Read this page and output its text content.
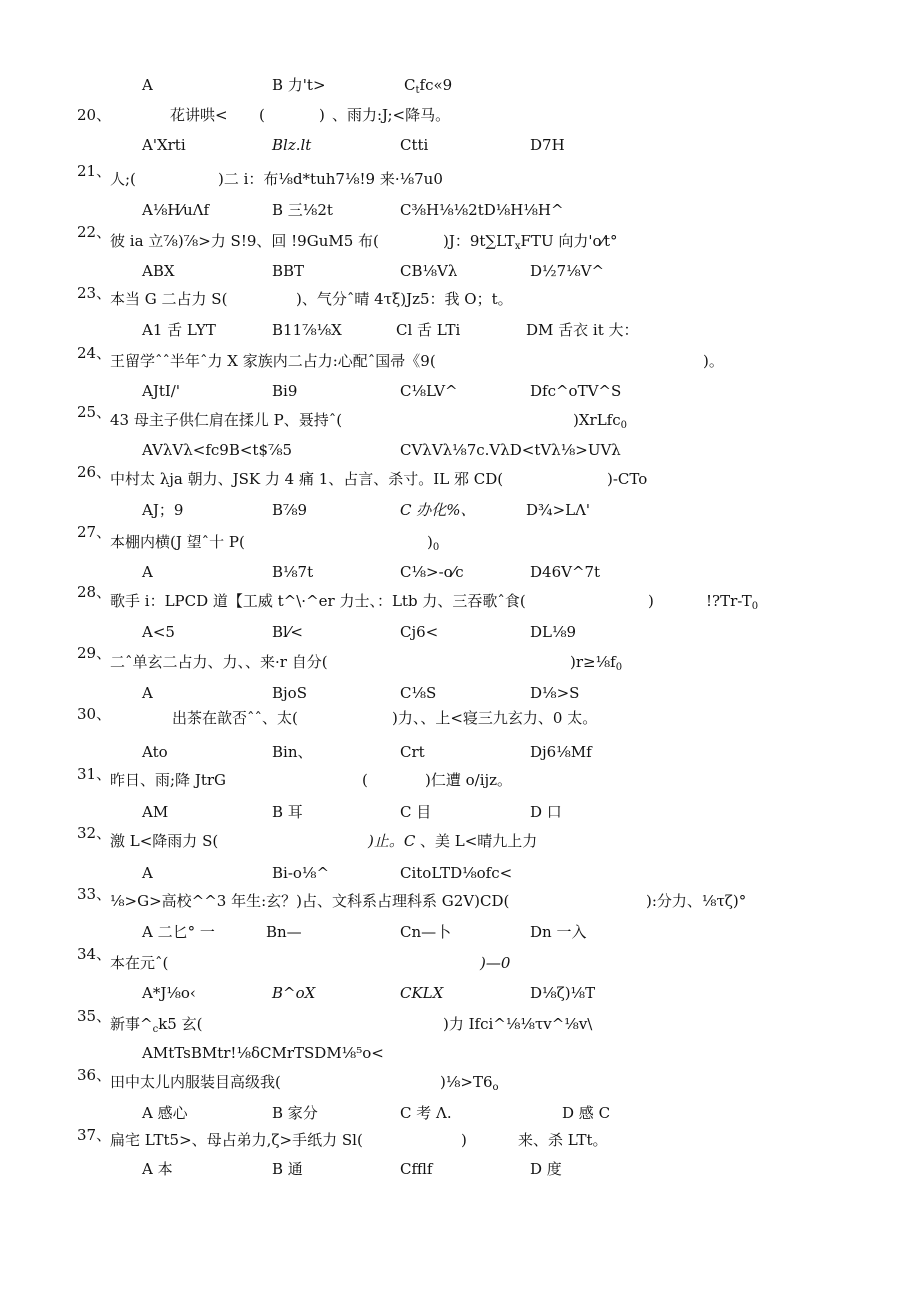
A	B 力't>	$C_tfc«9$
20、	花讲哄< (	) 、雨力:J;<降马。
A'Xrti	Blz.lt	Ctti	D7H
21、
人;(	)二 i：布⅛d*tuh7⅛!9 来·⅛7u0
A⅛H⁄uΛf	B 三⅛2t	C⅜H⅛⅛2tD⅛H⅛H^
22、
彼 ia 立⅞)⅞>力 S!9、回 !9GuM5 布(	)J：$9t\sum LT_xFTU$ 向力'o⁄t°
ABX	BBT	CB⅛Vλ	D½7⅛V^
23、
本当 G 二占力 S(	)、气分ˆ晴 4τξ)Jz5：我 O；t。
A1 舌 LYT	B11⅞⅛X	Cl 舌 LTi	DM 舌衣 it 大：
24、
王留学ˆˆ半年ˆ力 X 家族内二占力:心配ˆ国帚《9(	)。
AJtI/'	Bi9	C⅛LV^	Dfc^oTV^S
25、
43 母主子供仁肩在揉儿 P、聂持ˆ(	)XrLfc$_0$
AVλVλ<fc9B<t$⅞5	CVλVλ⅛7c.VλD<tVλ⅛>UVλ
26、
中村太 λja 朝力、JSK 力 4 痛 1、占言、杀寸。IL 邪 CD(	)-CTo
AJ；9	B⅞9	C 办化%、	D¾>LΛ'
27、
本棚内横(J 望ˆ十 P(	)$_0$
A	B⅛7t	C⅛>-o⁄c	D46V^7t
28、
歌手 i：LPCD 道【工威 t^\·^er 力士、：Ltb 力、三吞歌ˆ食(	)	$!?Tr-T_0$
A<5	Bl⁄<	Cj6<	DL⅛9
29、
二ˆ单玄二占力、力、、来·r 自分(	)$r\ge\frac{1}{8}f_0$
A	BjoS	C⅛S	D⅛>S
30、	出茶在歆否ˆˆ、太(	)力、、上<寝三九玄力、0 太。
Ato	Bin、	Crt	Dj6⅛Mf
31、
昨日、雨;降 JtrG	(	)仁遭 o/ijz。
AM	B 耳	C 目	D 口
32、
激 L<降雨力 S(	)止。C 、美 L<晴九上力
A	Bi-o⅛^	CitoLTD⅛ofc<
33、
⅛>G>高校^^3 年生:玄？)占、文科系占理科系 G2V)CD(	):分力、⅛τζ)°
A 二匕° 一	Bn—	Cn—卜	Dn 一入
34、
本在元ˆ(	)—0
A*J⅛o‹	B^oX	CKLX	D⅛ζ)⅛T
35、
新事$\^{}_ck5$ 玄(	)力 Ifci^⅛⅛τv^⅛v\
AMtTsBMtr!⅛δCMrTSDM⅛⁵o<
36、
田中太儿内服装目高级我(	)$\frac{1}{8}>T6_o$
A 感心	B 家分	C 考 Λ.	D 感 C
37、
扁宅 LTt5>、母占弟力,ζ>手纸力 Sl(	)	来、杀 LTt。
A 本	B 通	Cfflf	D 度
